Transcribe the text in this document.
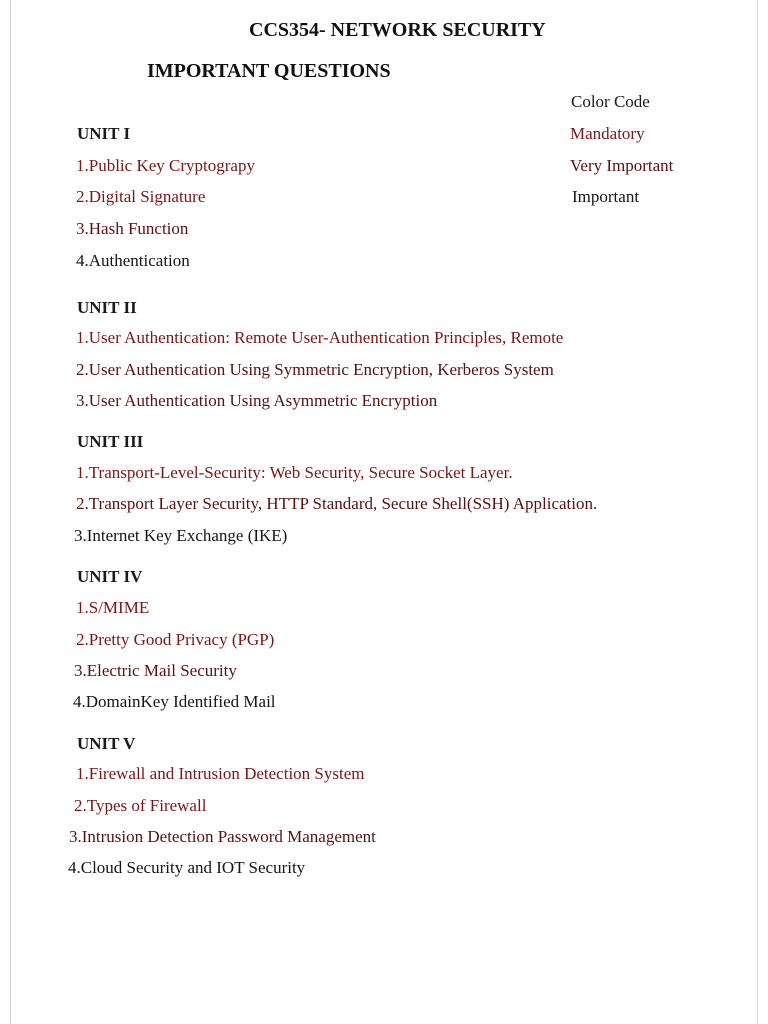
CCS354- NETWORK SECURITY
IMPORTANT QUESTIONS
Color Code
Mandatory
Very Important
Important
UNIT I
1.Public Key Cryptograpy
2.Digital Signature
3.Hash Function
4.Authentication
UNIT II
1.User Authentication: Remote User-Authentication Principles, Remote
2.User Authentication Using Symmetric Encryption, Kerberos System
3.User Authentication Using Asymmetric Encryption
UNIT III
1.Transport-Level-Security: Web Security, Secure Socket Layer.
2.Transport Layer Security, HTTP Standard, Secure Shell(SSH) Application.
3.Internet Key Exchange (IKE)
UNIT IV
1.S/MIME
2.Pretty Good Privacy (PGP)
3.Electric Mail Security
4.DomainKey Identified Mail
UNIT V
1.Firewall and Intrusion Detection System
2.Types of Firewall
3.Intrusion Detection Password Management
4.Cloud Security and IOT Security
